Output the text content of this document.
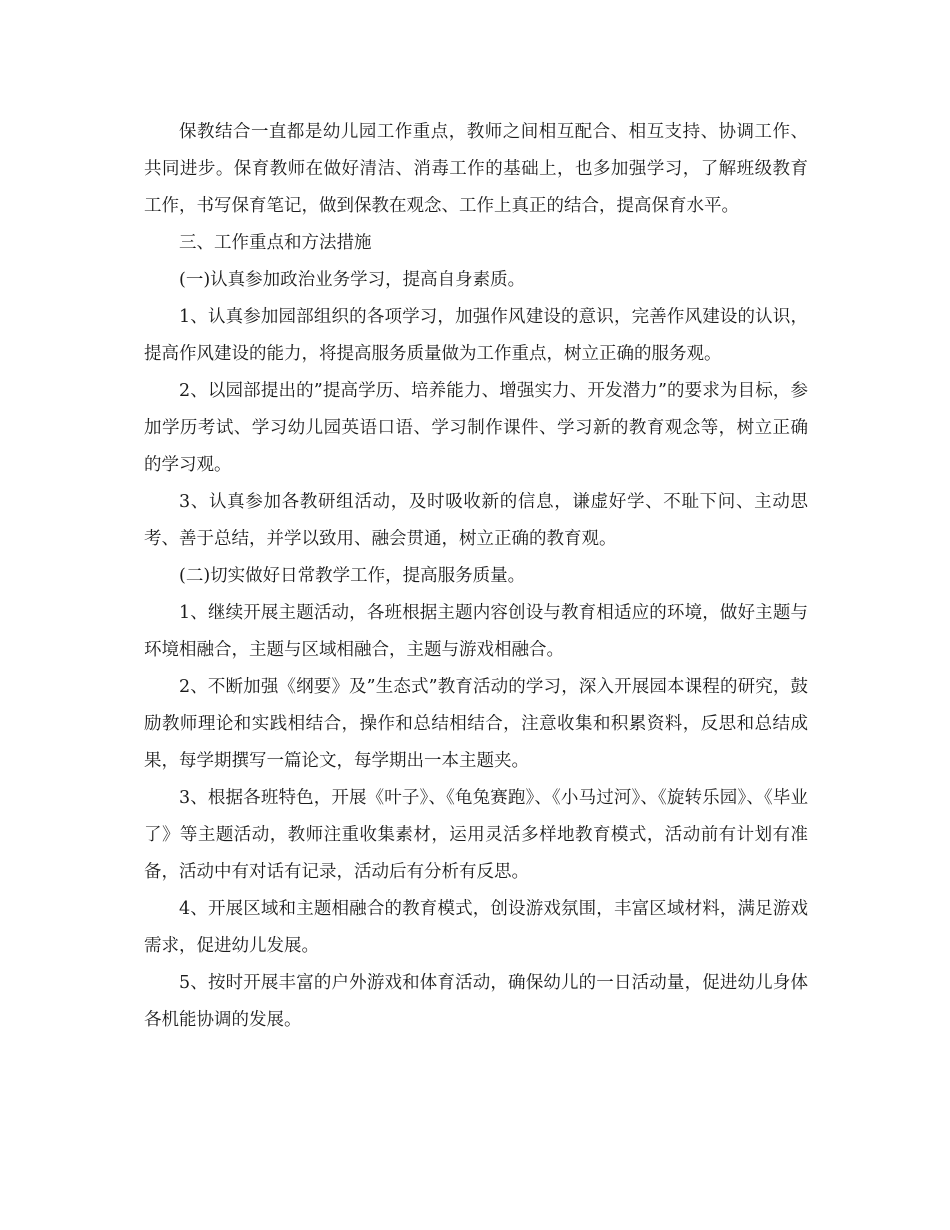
保教结合一直都是幼儿园工作重点，教师之间相互配合、相互支持、协调工作、共同进步。保育教师在做好清洁、消毒工作的基础上，也多加强学习，了解班级教育工作，书写保育笔记，做到保教在观念、工作上真正的结合，提高保育水平。

三、工作重点和方法措施

(一)认真参加政治业务学习，提高自身素质。

1、认真参加园部组织的各项学习，加强作风建设的意识，完善作风建设的认识，提高作风建设的能力，将提高服务质量做为工作重点，树立正确的服务观。

2、以园部提出的”提高学历、培养能力、增强实力、开发潜力”的要求为目标，参加学历考试、学习幼儿园英语口语、学习制作课件、学习新的教育观念等，树立正确的学习观。

3、认真参加各教研组活动，及时吸收新的信息，谦虚好学、不耻下问、主动思考、善于总结，并学以致用、融会贯通，树立正确的教育观。

(二)切实做好日常教学工作，提高服务质量。

1、继续开展主题活动，各班根据主题内容创设与教育相适应的环境，做好主题与环境相融合，主题与区域相融合，主题与游戏相融合。

2、不断加强《纲要》及”生态式”教育活动的学习，深入开展园本课程的研究，鼓励教师理论和实践相结合，操作和总结相结合，注意收集和积累资料，反思和总结成果，每学期撰写一篇论文，每学期出一本主题夹。

3、根据各班特色，开展《叶子》、《龟兔赛跑》、《小马过河》、《旋转乐园》、《毕业了》等主题活动，教师注重收集素材，运用灵活多样地教育模式，活动前有计划有准备，活动中有对话有记录，活动后有分析有反思。

4、开展区域和主题相融合的教育模式，创设游戏氛围，丰富区域材料，满足游戏需求，促进幼儿发展。

5、按时开展丰富的户外游戏和体育活动，确保幼儿的一日活动量，促进幼儿身体各机能协调的发展。
